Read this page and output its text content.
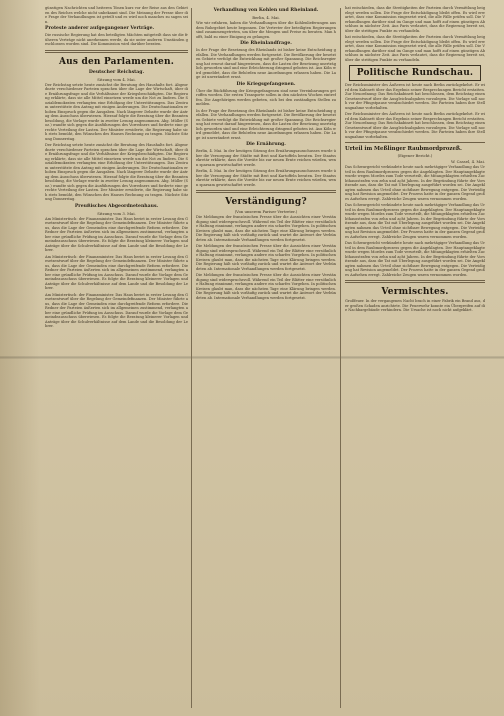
günstigen Nachrichten und heiteren Tönen kurz vor der Reise aus den Gebieten des Reiches welche nicht unbekannt sind. Die Meinung der Presse über die Frage der Verhandlungen ist geteilt und es wird noch manches zu sagen sein.

Proteste anderer aufgegangener Verträge.

Die russische Regierung hat den beteiligten Mächten mitgeteilt dass sie die früheren Verträge nicht anerkennen werde, da sie unter anderen Umständen geschlossen worden sind. Die Kommission wird darüber beraten.

Aus den Parlamenten.
Deutscher Reichstag.
Sitzung vom 4. Mai.

Der Reichstag setzte heute zunächst die Beratung des Haushalts fort. Abgeordnete verschiedener Parteien sprachen über die Lage der Wirtschaft, über die Ernährungsfrage und die Verhältnisse der Kriegsbeschädigten. Die Regierung erklärte, dass sie alle Mittel einsetzen werde um die Not zu lindern. Die Sozialdemokraten verlangten eine Erhöhung der Unterstützungen. Das Zentrum unterstützte den Antrag mit einigen Änderungen. Die Deutschnationalen erhoben Einspruch gegen die Ausgaben. Nach längerer Debatte wurde der Antrag dem Ausschuss überwiesen. Hierauf folgte die Beratung über die Beamtenbesoldung, die Vorlage wurde in zweiter Lesung angenommen. Abg. Müller (Soz.) wandte sich gegen die Ausführungen des Vorredners und forderte eine gerechte Verteilung der Lasten. Der Minister erwiderte, die Regierung habe sich stets bemüht, den Wünschen des Hauses Rechnung zu tragen. Nächste Sitzung Donnerstag.

Der Reichstag setzte heute zunächst die Beratung des Haushalts fort. Abgeordnete verschiedener Parteien sprachen über die Lage der Wirtschaft, über die Ernährungsfrage und die Verhältnisse der Kriegsbeschädigten. Die Regierung erklärte, dass sie alle Mittel einsetzen werde um die Not zu lindern. Die Sozialdemokraten verlangten eine Erhöhung der Unterstützungen. Das Zentrum unterstützte den Antrag mit einigen Änderungen. Die Deutschnationalen erhoben Einspruch gegen die Ausgaben. Nach längerer Debatte wurde der Antrag dem Ausschuss überwiesen. Hierauf folgte die Beratung über die Beamtenbesoldung, die Vorlage wurde in zweiter Lesung angenommen. Abg. Müller (Soz.) wandte sich gegen die Ausführungen des Vorredners und forderte eine gerechte Verteilung der Lasten. Der Minister erwiderte, die Regierung habe sich stets bemüht, den Wünschen des Hauses Rechnung zu tragen. Nächste Sitzung Donnerstag.

Preußisches Abgeordnetenhaus.
Sitzung vom 3. Mai.

Am Ministertisch: der Finanzminister. Das Haus beriet in erster Lesung den Gesetzentwurf über die Regelung der Gemeindefinanzen. Der Minister führte aus, dass die Lage der Gemeinden eine durchgreifende Reform erfordere. Die Redner der Parteien äußerten sich im allgemeinen zustimmend, verlangten aber eine gründliche Prüfung im Ausschuss. Darauf wurde die Vorlage dem Gemeindeausschuss überwiesen. Es folgte die Beratung kleinerer Vorlagen und Anträge über die Schulverhältnisse auf dem Lande und die Besoldung der Lehrer.

Am Ministertisch: der Finanzminister. Das Haus beriet in erster Lesung den Gesetzentwurf über die Regelung der Gemeindefinanzen. Der Minister führte aus, dass die Lage der Gemeinden eine durchgreifende Reform erfordere. Die Redner der Parteien äußerten sich im allgemeinen zustimmend, verlangten aber eine gründliche Prüfung im Ausschuss. Darauf wurde die Vorlage dem Gemeindeausschuss überwiesen. Es folgte die Beratung kleinerer Vorlagen und Anträge über die Schulverhältnisse auf dem Lande und die Besoldung der Lehrer.

Am Ministertisch: der Finanzminister. Das Haus beriet in erster Lesung den Gesetzentwurf über die Regelung der Gemeindefinanzen. Der Minister führte aus, dass die Lage der Gemeinden eine durchgreifende Reform erfordere. Die Redner der Parteien äußerten sich im allgemeinen zustimmend, verlangten aber eine gründliche Prüfung im Ausschuss. Darauf wurde die Vorlage dem Gemeindeausschuss überwiesen. Es folgte die Beratung kleinerer Vorlagen und Anträge über die Schulverhältnisse auf dem Lande und die Besoldung der Lehrer.

Verhandlung von Kohlen und Rheinland.
Berlin, 4. Mai.

Wie wir erfahren, haben die Verhandlungen über die Kohlenlieferungen aus dem Ruhrgebiet heute begonnen. Die Vertreter der beteiligten Regierungen sind zusammengetreten, um über die Mengen und Preise zu beraten. Man hofft, bald zu einer Einigung zu gelangen.

Die Rheinlandfrage.

In der Frage der Besetzung des Rheinlands ist bisher keine Entscheidung gefallen. Die Verhandlungen werden fortgesetzt. Die Bevölkerung der besetzten Gebiete verfolgt die Entwicklung mit großer Spannung. Die Reichsregierung hat erneut darauf hingewiesen, dass die Lasten der Besetzung unerträglich geworden sind und eine Erleichterung dringend geboten ist. Aus Köln wird gemeldet, dass die Behörden neue Anordnungen erlassen haben. Die Lage ist unverändert ernst.

Die Kriegsgefangenen.

Über die Rückführung der Kriegsgefangenen sind neue Vereinbarungen getroffen worden. Die ersten Transporte sollen in den nächsten Wochen eintreffen. Die Angehörigen werden gebeten, sich bei den zuständigen Stellen zu melden.

In der Frage der Besetzung des Rheinlands ist bisher keine Entscheidung gefallen. Die Verhandlungen werden fortgesetzt. Die Bevölkerung der besetzten Gebiete verfolgt die Entwicklung mit großer Spannung. Die Reichsregierung hat erneut darauf hingewiesen, dass die Lasten der Besetzung unerträglich geworden sind und eine Erleichterung dringend geboten ist. Aus Köln wird gemeldet, dass die Behörden neue Anordnungen erlassen haben. Die Lage ist unverändert ernst.

Die Ernährung.

Berlin, 4. Mai. In der heutigen Sitzung des Ernährungsausschusses wurde über die Versorgung der Städte mit Brot und Kartoffeln beraten. Der Staatssekretär erklärte, dass die Vorräte bis zur neuen Ernte reichen würden, wenn sparsam gewirtschaftet werde.

Berlin, 4. Mai. In der heutigen Sitzung des Ernährungsausschusses wurde über die Versorgung der Städte mit Brot und Kartoffeln beraten. Der Staatssekretär erklärte, dass die Vorräte bis zur neuen Ernte reichen würden, wenn sparsam gewirtschaftet werde.

Verständigung?
(Von unserem Pariser Vertreter.)

Die Meldungen der französischen Presse über die Aussichten einer Verständigung sind widerspruchsvoll. Während ein Teil der Blätter eine versöhnliche Haltung einnimmt, verlangen andere ein scharfes Vorgehen. In politischen Kreisen glaubt man, dass die nächsten Tage eine Klärung bringen werden. Die Regierung hält sich vorläufig zurück und wartet die Antwort der Verbündeten ab. Internationale Verhandlungen werden fortgesetzt.

Die Meldungen der französischen Presse über die Aussichten einer Verständigung sind widerspruchsvoll. Während ein Teil der Blätter eine versöhnliche Haltung einnimmt, verlangen andere ein scharfes Vorgehen. In politischen Kreisen glaubt man, dass die nächsten Tage eine Klärung bringen werden. Die Regierung hält sich vorläufig zurück und wartet die Antwort der Verbündeten ab. Internationale Verhandlungen werden fortgesetzt.

Die Meldungen der französischen Presse über die Aussichten einer Verständigung sind widerspruchsvoll. Während ein Teil der Blätter eine versöhnliche Haltung einnimmt, verlangen andere ein scharfes Vorgehen. In politischen Kreisen glaubt man, dass die nächsten Tage eine Klärung bringen werden. Die Regierung hält sich vorläufig zurück und wartet die Antwort der Verbündeten ab. Internationale Verhandlungen werden fortgesetzt.

hat entschieden, dass die Streitigkeiten der Parteien durch Vermittlung beigelegt werden sollen. Die Frage der Entschädigung bleibt offen. Es wird erwartet, dass eine Kommission eingesetzt wird, die alle Fälle prüfen soll. Die Verhandlungen darüber sind im Gange und man hofft auf einen günstigen Abschluss in nächster Zeit. Aus Paris verlautet, dass die Regierung bereit sei, über die strittigen Punkte zu verhandeln.

hat entschieden, dass die Streitigkeiten der Parteien durch Vermittlung beigelegt werden sollen. Die Frage der Entschädigung bleibt offen. Es wird erwartet, dass eine Kommission eingesetzt wird, die alle Fälle prüfen soll. Die Verhandlungen darüber sind im Gange und man hofft auf einen günstigen Abschluss in nächster Zeit. Aus Paris verlautet, dass die Regierung bereit sei, über die strittigen Punkte zu verhandeln.

Politische Rundschau.

Der Reichsminister des Äußeren ist heute nach Berlin zurückgekehrt. Er wird dem Kabinett über das Ergebnis seiner Besprechungen Bericht erstatten. Zur Neuordnung: Das Reichskabinett hat beschlossen, dem Reichstag einen Gesetzentwurf über die Ausgleichsabgaben vorzulegen. Die Vorlage soll noch vor der Pfingstpause verabschiedet werden. Die Parteien haben ihre Stellungnahme vorbehalten.

Der Reichsminister des Äußeren ist heute nach Berlin zurückgekehrt. Er wird dem Kabinett über das Ergebnis seiner Besprechungen Bericht erstatten. Zur Neuordnung: Das Reichskabinett hat beschlossen, dem Reichstag einen Gesetzentwurf über die Ausgleichsabgaben vorzulegen. Die Vorlage soll noch vor der Pfingstpause verabschiedet werden. Die Parteien haben ihre Stellungnahme vorbehalten.

Urteil im Meßlinger Raubmordprozeß.
(Eigener Bericht.)
W. Cassel, 4. Mai.

Das Schwurgericht verkündete heute nach mehrtägiger Verhandlung das Urteil in dem Raubmordprozess gegen die Angeklagten. Der Hauptangeklagte wurde wegen Mordes zum Tode verurteilt, die Mitangeklagten erhielten Zuchthausstrafen von zehn und acht Jahren. In der Begründung führte der Vorsitzende aus, dass die Tat mit Überlegung ausgeführt worden sei. Die Angeklagten nahmen das Urteil ohne sichtbare Bewegung entgegen. Die Verteidigung hat Revision angemeldet. Der Prozess hatte in der ganzen Gegend großes Aufsehen erregt. Zahlreiche Zeugen waren vernommen worden.

Das Schwurgericht verkündete heute nach mehrtägiger Verhandlung das Urteil in dem Raubmordprozess gegen die Angeklagten. Der Hauptangeklagte wurde wegen Mordes zum Tode verurteilt, die Mitangeklagten erhielten Zuchthausstrafen von zehn und acht Jahren. In der Begründung führte der Vorsitzende aus, dass die Tat mit Überlegung ausgeführt worden sei. Die Angeklagten nahmen das Urteil ohne sichtbare Bewegung entgegen. Die Verteidigung hat Revision angemeldet. Der Prozess hatte in der ganzen Gegend großes Aufsehen erregt. Zahlreiche Zeugen waren vernommen worden.

Das Schwurgericht verkündete heute nach mehrtägiger Verhandlung das Urteil in dem Raubmordprozess gegen die Angeklagten. Der Hauptangeklagte wurde wegen Mordes zum Tode verurteilt, die Mitangeklagten erhielten Zuchthausstrafen von zehn und acht Jahren. In der Begründung führte der Vorsitzende aus, dass die Tat mit Überlegung ausgeführt worden sei. Die Angeklagten nahmen das Urteil ohne sichtbare Bewegung entgegen. Die Verteidigung hat Revision angemeldet. Der Prozess hatte in der ganzen Gegend großes Aufsehen erregt. Zahlreiche Zeugen waren vernommen worden.

Vermischtes.

Großfeuer. In der vergangenen Nacht brach in einer Fabrik ein Brand aus, der großen Schaden anrichtete. Die Feuerwehr konnte ein Übergreifen auf die Nachbargebäude verhindern. Die Ursache ist noch nicht aufgeklärt.
